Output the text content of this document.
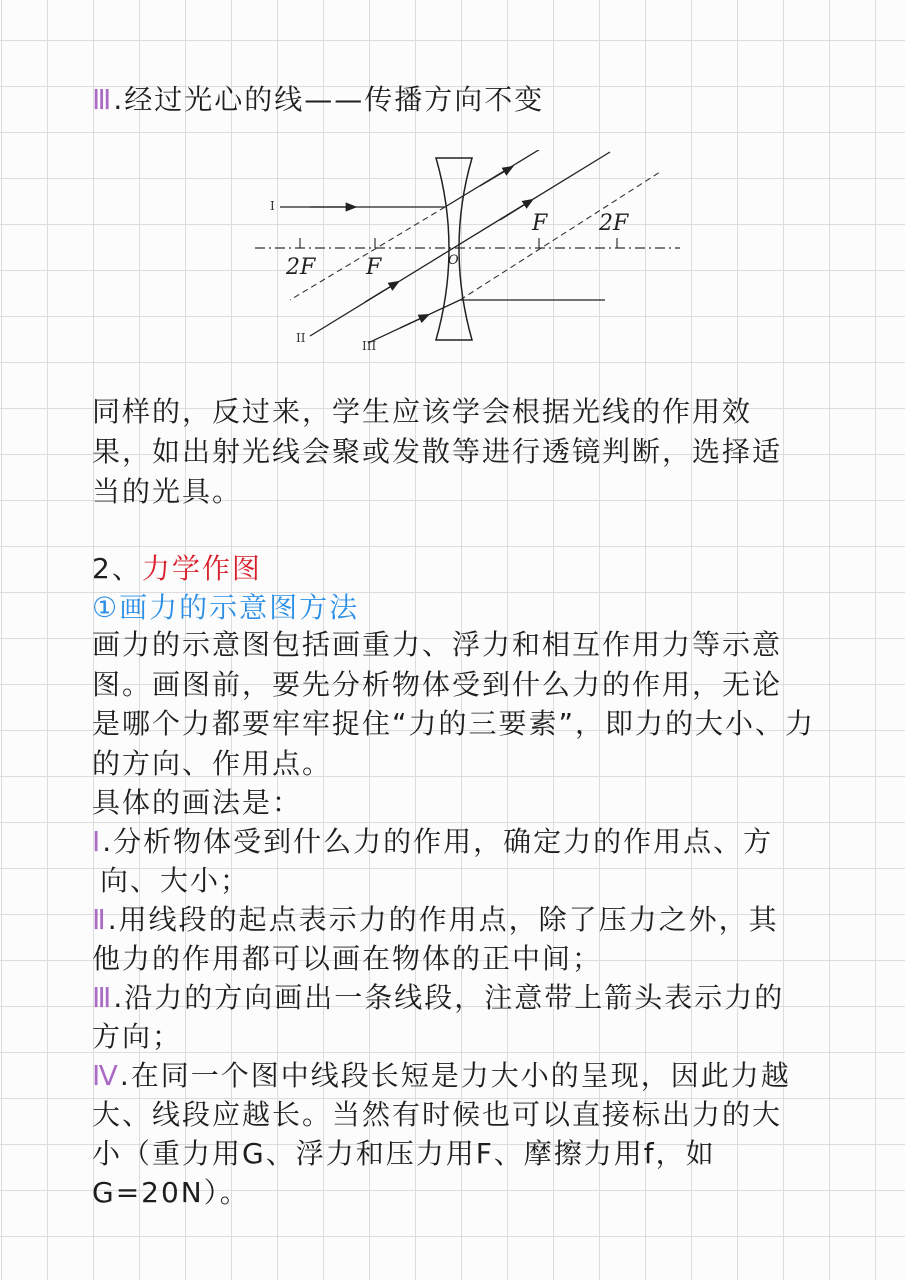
Ⅲ.经过光心的线——传播方向不变
I
II
III
2F F	O
F 2F
同样的，反过来，学生应该学会根据光线的作用效
果，如出射光线会聚或发散等进行透镜判断，选择适
当的光具。
2、力学作图
①画力的示意图方法
画力的示意图包括画重力、浮力和相互作用力等示意
图。画图前，要先分析物体受到什么力的作用，无论
是哪个力都要牢牢捉住“力的三要素”，即力的大小、力
的方向、作用点。
具体的画法是：
Ⅰ.分析物体受到什么力的作用，确定力的作用点、方
向、大小；
Ⅱ.用线段的起点表示力的作用点，除了压力之外，其
他力的作用都可以画在物体的正中间；
Ⅲ.沿力的方向画出一条线段，注意带上箭头表示力的
方向；
Ⅳ.在同一个图中线段长短是力大小的呈现，因此力越
大、线段应越长。当然有时候也可以直接标出力的大
小（重力用G、浮力和压力用F、摩擦力用f，如
G=20N）。
